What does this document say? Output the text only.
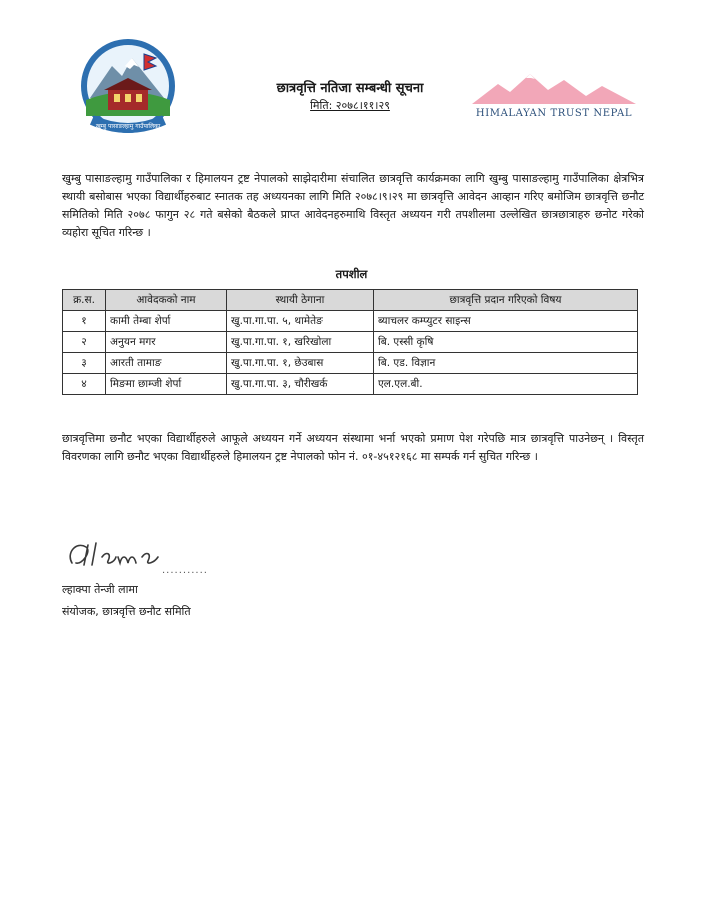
खुम्बु पासाङल्हामु गाउँपालिका
छात्रवृत्ति नतिजा सम्बन्धी सूचना
मिति: २०७८।११।२९
HIMALAYAN TRUST NEPAL
खुम्बु पासाङल्हामु गाउँपालिका र हिमालयन ट्रष्ट नेपालको साझेदारीमा संचालित छात्रवृत्ति कार्यक्रमका लागि खुम्बु पासाङल्हामु गाउँपालिका क्षेत्रभित्र स्थायी बसोबास भएका विद्यार्थीहरुबाट स्नातक तह अध्ययनका लागि मिति २०७८।९।२९ मा छात्रवृत्ति आवेदन आव्हान गरिए बमोजिम छात्रवृत्ति छनौट समितिको मिति २०७८ फागुन २८ गते बसेको बैठकले प्राप्त आवेदनहरुमाथि विस्तृत अध्ययन गरी तपशीलमा उल्लेखित छात्रछात्राहरु छनोट गरेको व्यहोरा सूचित गरिन्छ ।
तपशील
क्र.स.	आवेदकको नाम	स्थायी ठेगाना	छात्रवृत्ति प्रदान गरिएको विषय
१	कामी तेम्बा शेर्पा	खु.पा.गा.पा. ५, थामेतेङ	ब्याचलर कम्प्युटर साइन्स
२	अनुयन मगर	खु.पा.गा.पा. १, खरिखोला	बि. एस्सी कृषि
३	आरती तामाङ	खु.पा.गा.पा. १, छेउबास	बि. एड. विज्ञान
४	मिङमा छाम्जी शेर्पा	खु.पा.गा.पा. ३, चौरीखर्क	एल.एल.बी.
छात्रवृत्तिमा छनौट भएका विद्यार्थीहरुले आफूले अध्ययन गर्ने अध्ययन संस्थामा भर्ना भएको प्रमाण पेश गरेपछि मात्र छात्रवृत्ति पाउनेछन् । विस्तृत विवरणका लागि छनौट भएका विद्यार्थीहरुले हिमालयन ट्रष्ट नेपालको फोन नं. ०१-४५१२१६८ मा सम्पर्क गर्न सुचित गरिन्छ ।
...........
ल्हाक्पा तेन्जी लामा
संयोजक, छात्रवृत्ति छनौट समिति
